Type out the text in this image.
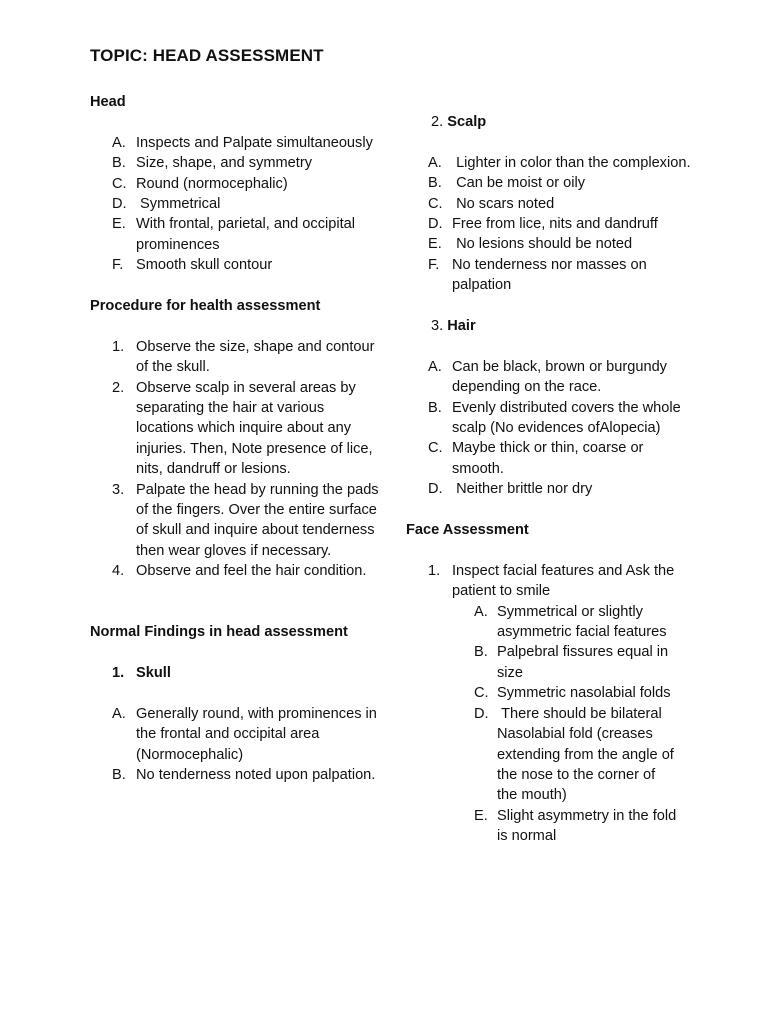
TOPIC: HEAD ASSESSMENT

Head

A. Inspects and Palpate simultaneously
B. Size, shape, and symmetry
C. Round (normocephalic)
D. Symmetrical
E. With frontal, parietal, and occipital prominences
F. Smooth skull contour

Procedure for health assessment

1. Observe the size, shape and contour of the skull.
2. Observe scalp in several areas by separating the hair at various locations which inquire about any injuries. Then, Note presence of lice, nits, dandruff or lesions.
3. Palpate the head by running the pads of the fingers. Over the entire surface of skull and inquire about tenderness then wear gloves if necessary.
4. Observe and feel the hair condition.

Normal Findings in head assessment

1. Skull
A. Generally round, with prominences in the frontal and occipital area (Normocephalic)
B. No tenderness noted upon palpation.

2. Scalp

A. Lighter in color than the complexion.
B. Can be moist or oily
C. No scars noted
D. Free from lice, nits and dandruff
E. No lesions should be noted
F. No tenderness nor masses on palpation

3. Hair

A. Can be black, brown or burgundy depending on the race.
B. Evenly distributed covers the whole scalp (No evidences ofAlopecia)
C. Maybe thick or thin, coarse or smooth.
D. Neither brittle nor dry

Face Assessment

1. Inspect facial features and Ask the patient to smile
A. Symmetrical or slightly asymmetric facial features
B. Palpebral fissures equal in size
C. Symmetric nasolabial folds
D. There should be bilateral Nasolabial fold (creases extending from the angle of the nose to the corner of the mouth)
E. Slight asymmetry in the fold is normal
